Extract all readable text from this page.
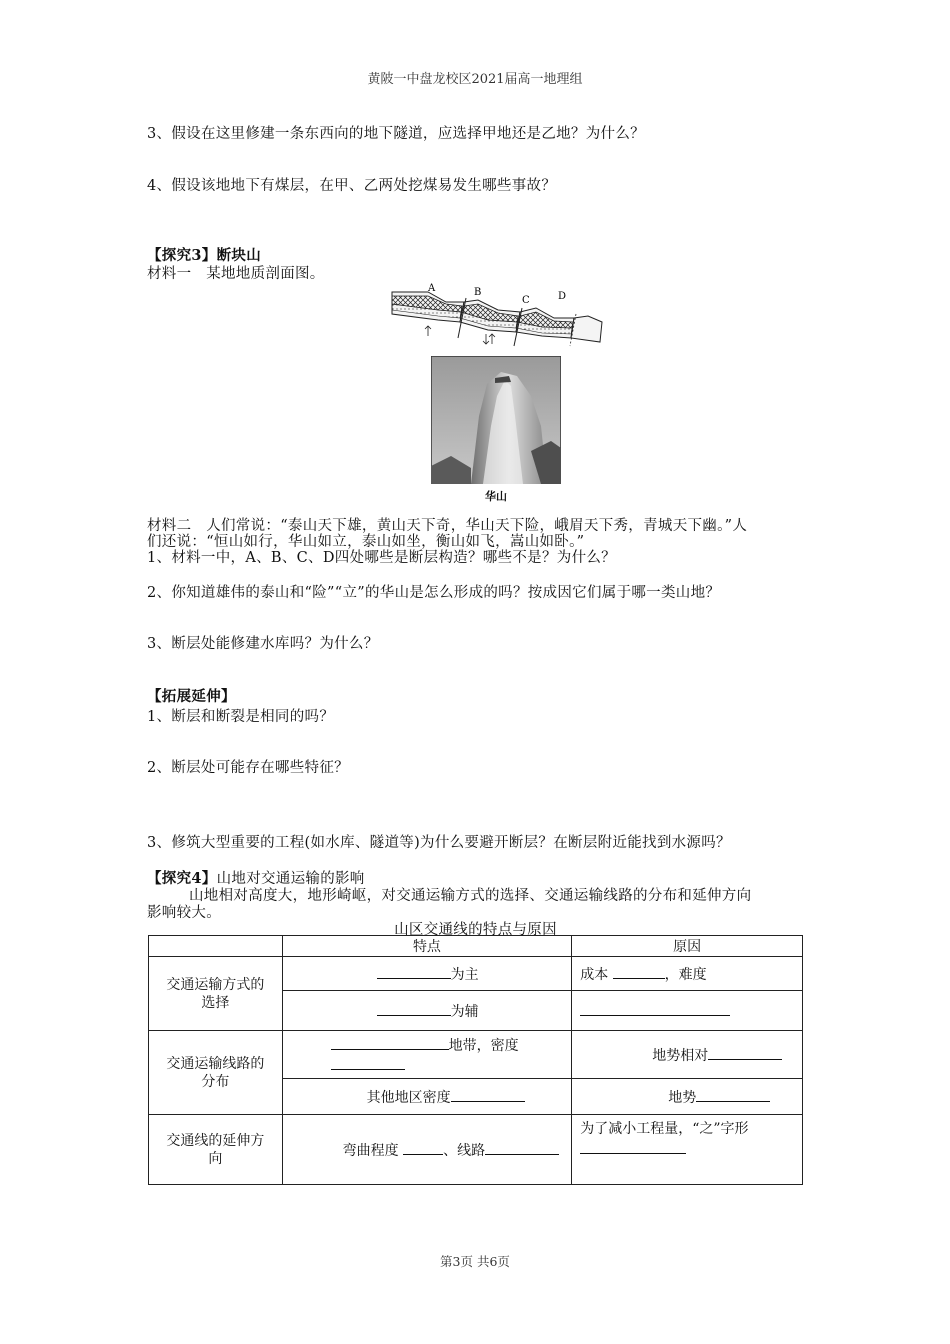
黄陂一中盘龙校区2021届高一地理组
3、假设在这里修建一条东西向的地下隧道，应选择甲地还是乙地？为什么？
4、假设该地地下有煤层，在甲、乙两处挖煤易发生哪些事故？
【探究3】断块山
材料一　某地地质剖面图。
A	B
C	D
华山
材料二　人们常说：“泰山天下雄，黄山天下奇，华山天下险，峨眉天下秀，青城天下幽。”人
们还说：“恒山如行，华山如立，泰山如坐，衡山如飞，嵩山如卧。”
1、材料一中，A、B、C、D四处哪些是断层构造？哪些不是？为什么？
2、你知道雄伟的泰山和“险”“立”的华山是怎么形成的吗？按成因它们属于哪一类山地？
3、断层处能修建水库吗？为什么？
【拓展延伸】
1、断层和断裂是相同的吗？
2、断层处可能存在哪些特征？
3、修筑大型重要的工程(如水库、隧道等)为什么要避开断层？在断层附近能找到水源吗？
【探究4】山地对交通运输的影响
山地相对高度大，地形崎岖，对交通运输方式的选择、交通运输线路的分布和延伸方向
影响较大。
山区交通线的特点与原因
	特点	原因
交通运输方式的选择	为主	成本 ，难度
	为辅	
交通运输线路的分布	地带，密度	地势相对
	其他地区密度	地势
交通线的延伸方向	弯曲程度 、线路	为了减小工程量，“之”字形

第3页 共6页
